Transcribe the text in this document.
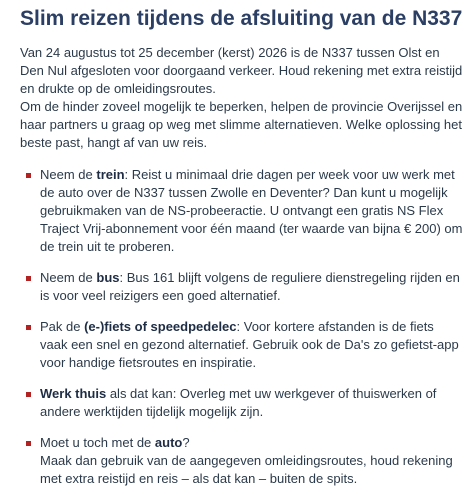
Slim reizen tijdens de afsluiting van de N337

Van 24 augustus tot 25 december (kerst) 2026 is de N337 tussen Olst en Den Nul afgesloten voor doorgaand verkeer. Houd rekening met extra reistijd en drukte op de omleidingsroutes.

Om de hinder zoveel mogelijk te beperken, helpen de provincie Overijssel en haar partners u graag op weg met slimme alternatieven. Welke oplossing het beste past, hangt af van uw reis.

Neem de trein: Reist u minimaal drie dagen per week voor uw werk met de auto over de N337 tussen Zwolle en Deventer? Dan kunt u mogelijk gebruikmaken van de NS-probeeractie. U ontvangt een gratis NS Flex Traject Vrij-abonnement voor één maand (ter waarde van bijna € 200) om de trein uit te proberen.
Neem de bus: Bus 161 blijft volgens de reguliere dienstregeling rijden en is voor veel reizigers een goed alternatief.
Pak de (e-)fiets of speedpedelec: Voor kortere afstanden is de fiets vaak een snel en gezond alternatief. Gebruik ook de Da's zo gefietst-app voor handige fietsroutes en inspiratie.
Werk thuis als dat kan: Overleg met uw werkgever of thuiswerken of andere werktijden tijdelijk mogelijk zijn.
Moet u toch met de auto?
Maak dan gebruik van de aangegeven omleidingsroutes, houd rekening met extra reistijd en reis – als dat kan – buiten de spits.
